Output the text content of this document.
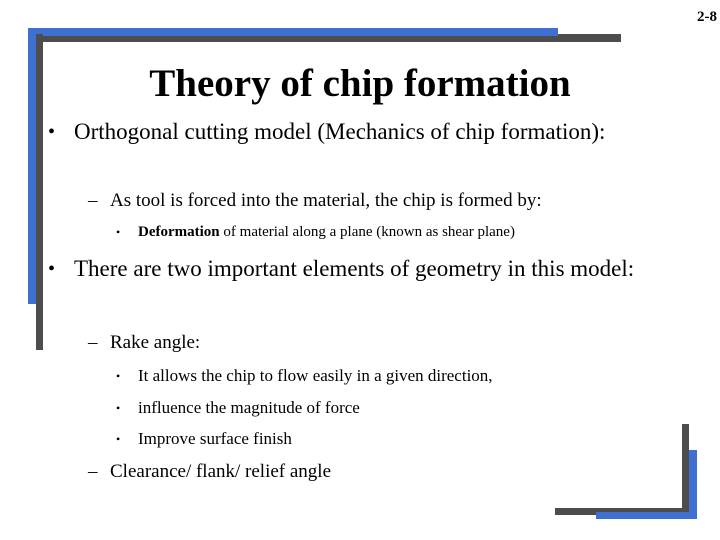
2-8
Theory of chip formation
• Orthogonal cutting model (Mechanics of chip formation):
– As tool is forced into the material, the chip is formed by:
• Deformation of material along a plane (known as shear plane)
• There are two important elements of geometry in this model:
– Rake angle:
• It allows the chip to flow easily in a given direction,
• influence the magnitude of force
• Improve surface finish
– Clearance/ flank/ relief angle
